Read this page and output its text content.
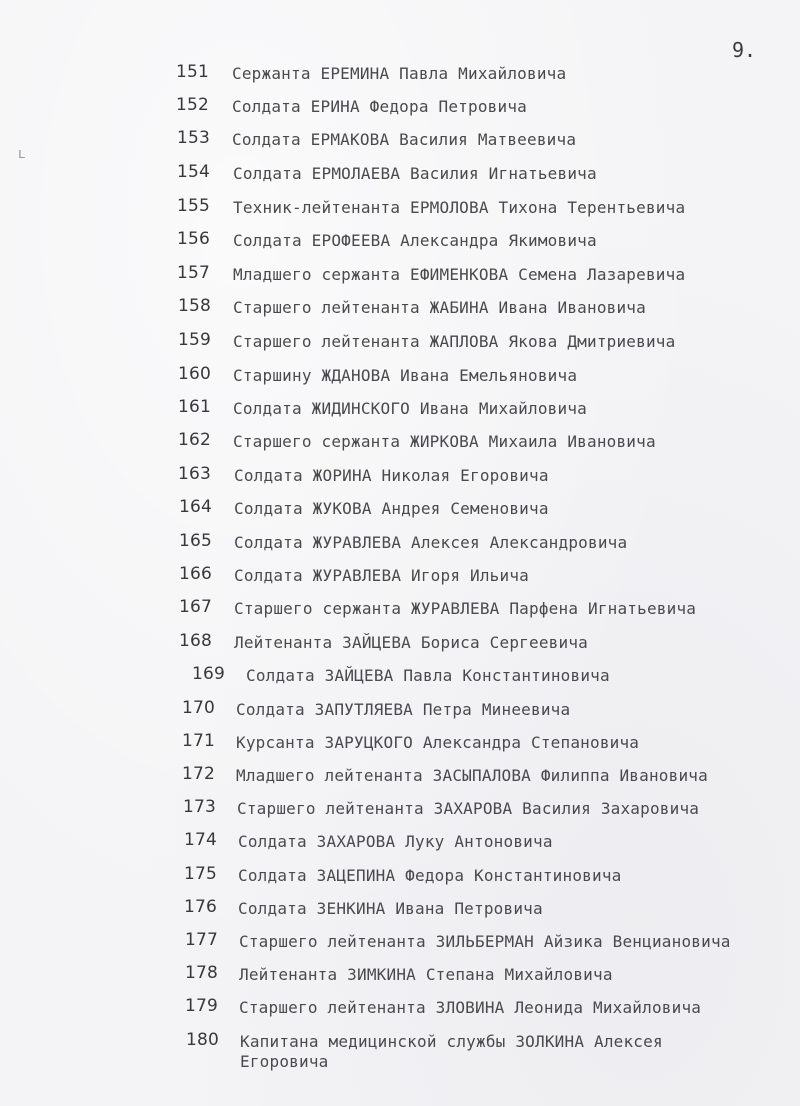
9.
ʟ
151 Сержанта ЕРЕМИНА Павла Михайловича
152 Солдата ЕРИНА Федора Петровича
153 Солдата ЕРМАКОВА Василия Матвеевича
154 Солдата ЕРМОЛАЕВА Василия Игнатьевича
155 Техник-лейтенанта ЕРМОЛОВА Тихона Терентьевича
156 Солдата ЕРОФЕЕВА Александра Якимовича
157 Младшего сержанта ЕФИМЕНКОВА Семена Лазаревича
158 Старшего лейтенанта ЖАБИНА Ивана Ивановича
159 Старшего лейтенанта ЖАПЛОВА Якова Дмитриевича
160 Старшину ЖДАНОВА Ивана Емельяновича
161 Солдата ЖИДИНСКОГО Ивана Михайловича
162 Старшего сержанта ЖИРКОВА Михаила Ивановича
163 Солдата ЖОРИНА Николая Егоровича
164 Солдата ЖУКОВА Андрея Семеновича
165 Солдата ЖУРАВЛЕВА Алексея Александровича
166 Солдата ЖУРАВЛЕВА Игоря Ильича
167 Старшего сержанта ЖУРАВЛЕВА Парфена Игнатьевича
168 Лейтенанта ЗАЙЦЕВА Бориса Сергеевича
169 Солдата ЗАЙЦЕВА Павла Константиновича
170 Солдата ЗАПУТЛЯЕВА Петра Минеевича
171 Курсанта ЗАРУЦКОГО Александра Степановича
172 Младшего лейтенанта ЗАСЫПАЛОВА Филиппа Ивановича
173 Старшего лейтенанта ЗАХАРОВА Василия Захаровича
174 Солдата ЗАХАРОВА Луку Антоновича
175 Солдата ЗАЦЕПИНА Федора Константиновича
176 Солдата ЗЕНКИНА Ивана Петровича
177 Старшего лейтенанта ЗИЛЬБЕРМАН Айзика Венциановича
178 Лейтенанта ЗИМКИНА Степана Михайловича
179 Старшего лейтенанта ЗЛОВИНА Леонида Михайловича
180 Капитана медицинской службы ЗОЛКИНА Алексея
Егоровича
